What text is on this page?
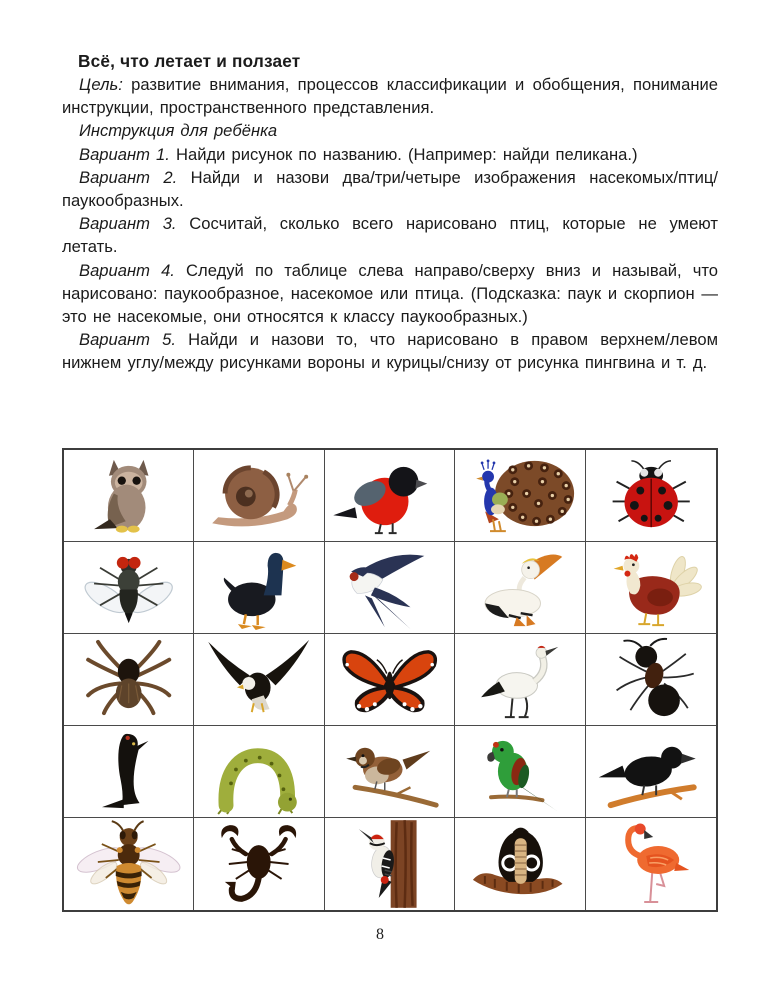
Всё, что летает и ползает

Цель: развитие внимания, процессов классификации и обобщения, понимание инструкции, пространственного представления.

Инструкция для ребёнка

Вариант 1. Найди рисунок по названию. (Например: найди пеликана.)

Вариант 2. Найди и назови два/три/четыре изображения насекомых/птиц/паукообразных.

Вариант 3. Сосчитай, сколько всего нарисовано птиц, которые не умеют летать.

Вариант 4. Следуй по таблице слева направо/сверху вниз и называй, что нарисовано: паукообразное, насекомое или птица. (Подсказка: паук и скорпион — это не насекомые, они относятся к классу паукообразных.)

Вариант 5. Найди и назови то, что нарисовано в правом верхнем/левом нижнем углу/между рисунками вороны и курицы/снизу от рисунка пингвина и т. д.

8
